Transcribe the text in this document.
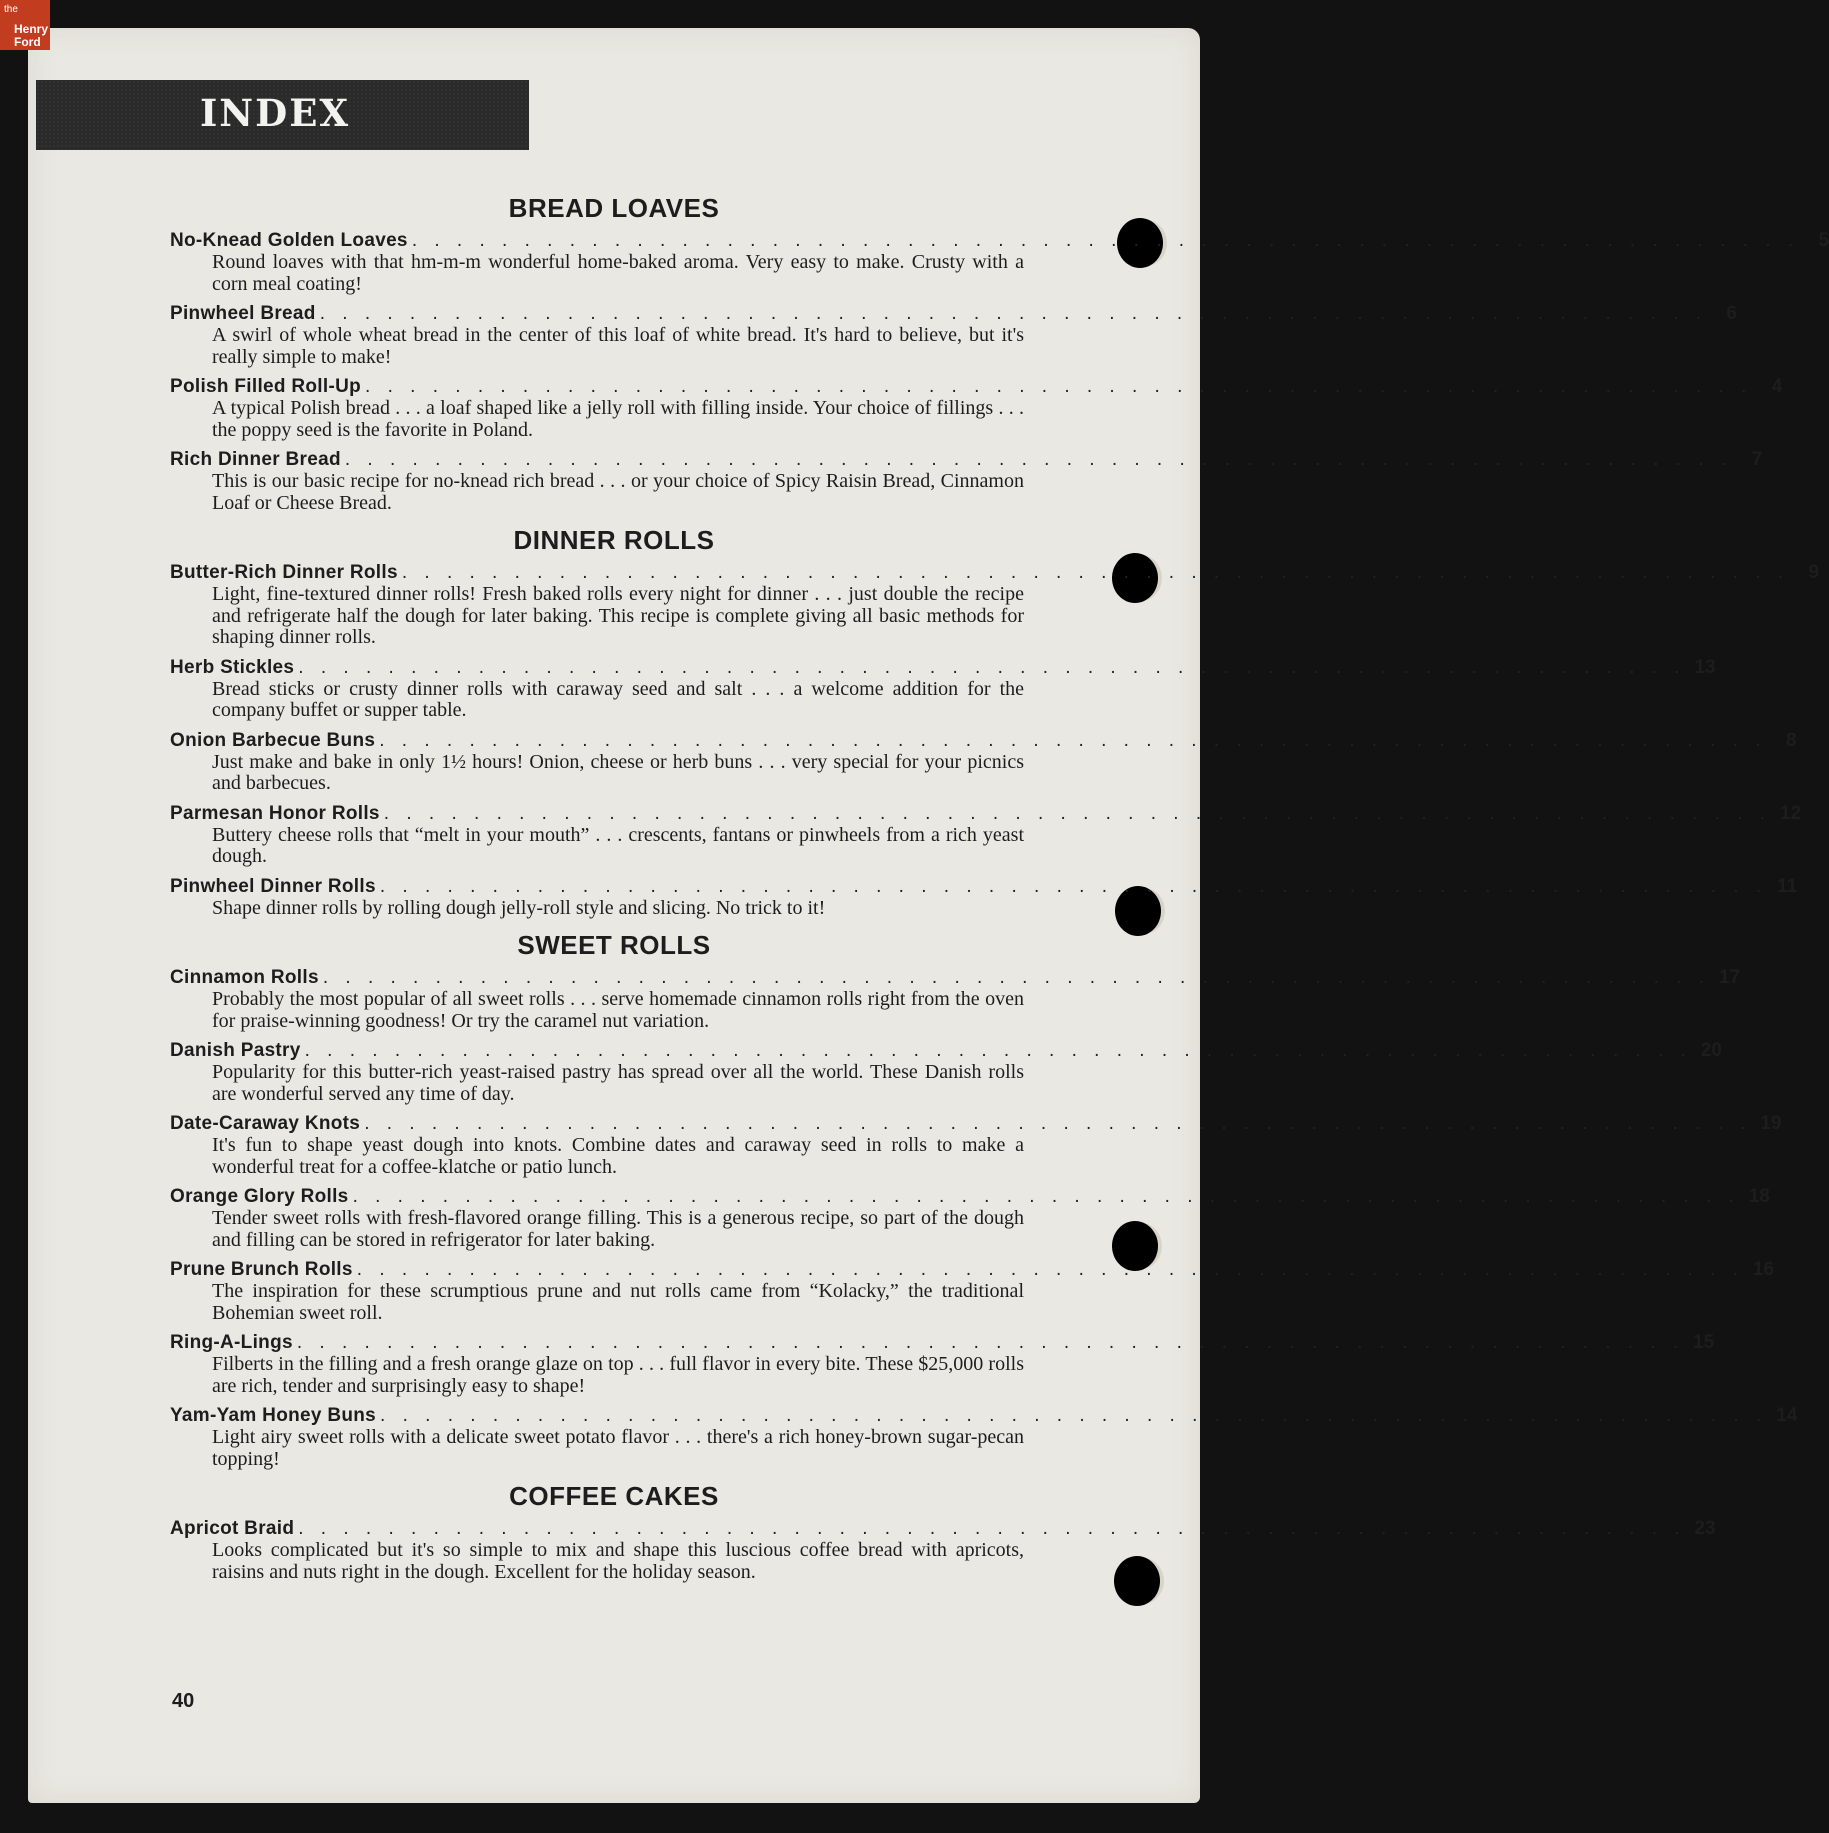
the
Henry
Ford
INDEX
BREAD LOAVES
No-Knead Golden Loaves . . . . . . . . . . . . . . . . . . . . . . . . . . . . . . . . . . . . . . . . . . . . . . . . . . . . . . . . . . . . . .	5
Round loaves with that hm-m-m wonderful home-baked aroma. Very easy to make. Crusty with a corn meal coating!
Pinwheel Bread . . . . . . . . . . . . . . . . . . . . . . . . . . . . . . . . . . . . . . . . . . . . . . . . . . . . . . . . . . . . . .	6
A swirl of whole wheat bread in the center of this loaf of white bread. It's hard to believe, but it's really simple to make!
Polish Filled Roll-Up . . . . . . . . . . . . . . . . . . . . . . . . . . . . . . . . . . . . . . . . . . . . . . . . . . . . . . . . . . . . . .	4
A typical Polish bread . . . a loaf shaped like a jelly roll with filling inside. Your choice of fillings . . . the poppy seed is the favorite in Poland.
Rich Dinner Bread . . . . . . . . . . . . . . . . . . . . . . . . . . . . . . . . . . . . . . . . . . . . . . . . . . . . . . . . . . . . . .	7
This is our basic recipe for no-knead rich bread . . . or your choice of Spicy Raisin Bread, Cinnamon Loaf or Cheese Bread.
DINNER ROLLS
Butter-Rich Dinner Rolls . . . . . . . . . . . . . . . . . . . . . . . . . . . . . . . . . . . . . . . . . . . . . . . . . . . . . . . . . . . . . .	9
Light, fine-textured dinner rolls! Fresh baked rolls every night for dinner . . . just double the recipe and refrigerate half the dough for later baking. This recipe is complete giving all basic methods for shaping dinner rolls.
Herb Stickles . . . . . . . . . . . . . . . . . . . . . . . . . . . . . . . . . . . . . . . . . . . . . . . . . . . . . . . . . . . . . . 13
Bread sticks or crusty dinner rolls with caraway seed and salt . . . a welcome addition for the company buffet or supper table.
Onion Barbecue Buns . . . . . . . . . . . . . . . . . . . . . . . . . . . . . . . . . . . . . . . . . . . . . . . . . . . . . . . . . . . . . .	8
Just make and bake in only 1½ hours! Onion, cheese or herb buns . . . very special for your picnics and barbecues.
Parmesan Honor Rolls . . . . . . . . . . . . . . . . . . . . . . . . . . . . . . . . . . . . . . . . . . . . . . . . . . . . . . . . . . . . . . 12
Buttery cheese rolls that “melt in your mouth” . . . crescents, fantans or pinwheels from a rich yeast dough.
Pinwheel Dinner Rolls . . . . . . . . . . . . . . . . . . . . . . . . . . . . . . . . . . . . . . . . . . . . . . . . . . . . . . . . . . . . . . 11
Shape dinner rolls by rolling dough jelly-roll style and slicing. No trick to it!
SWEET ROLLS
Cinnamon Rolls . . . . . . . . . . . . . . . . . . . . . . . . . . . . . . . . . . . . . . . . . . . . . . . . . . . . . . . . . . . . . . 17
Probably the most popular of all sweet rolls . . . serve homemade cinnamon rolls right from the oven for praise-winning goodness! Or try the caramel nut variation.
Danish Pastry . . . . . . . . . . . . . . . . . . . . . . . . . . . . . . . . . . . . . . . . . . . . . . . . . . . . . . . . . . . . . . 20
Popularity for this butter-rich yeast-raised pastry has spread over all the world. These Danish rolls are wonderful served any time of day.
Date-Caraway Knots . . . . . . . . . . . . . . . . . . . . . . . . . . . . . . . . . . . . . . . . . . . . . . . . . . . . . . . . . . . . . . 19
It's fun to shape yeast dough into knots. Combine dates and caraway seed in rolls to make a wonderful treat for a coffee-klatche or patio lunch.
Orange Glory Rolls . . . . . . . . . . . . . . . . . . . . . . . . . . . . . . . . . . . . . . . . . . . . . . . . . . . . . . . . . . . . . . 18
Tender sweet rolls with fresh-flavored orange filling. This is a generous recipe, so part of the dough and filling can be stored in refrigerator for later baking.
Prune Brunch Rolls . . . . . . . . . . . . . . . . . . . . . . . . . . . . . . . . . . . . . . . . . . . . . . . . . . . . . . . . . . . . . . 16
The inspiration for these scrumptious prune and nut rolls came from “Kolacky,” the traditional Bohemian sweet roll.
Ring-A-Lings . . . . . . . . . . . . . . . . . . . . . . . . . . . . . . . . . . . . . . . . . . . . . . . . . . . . . . . . . . . . . . 15
Filberts in the filling and a fresh orange glaze on top . . . full flavor in every bite. These $25,000 rolls are rich, tender and surprisingly easy to shape!
Yam-Yam Honey Buns . . . . . . . . . . . . . . . . . . . . . . . . . . . . . . . . . . . . . . . . . . . . . . . . . . . . . . . . . . . . . . 14
Light airy sweet rolls with a delicate sweet potato flavor . . . there's a rich honey-brown sugar-pecan topping!
COFFEE CAKES
Apricot Braid . . . . . . . . . . . . . . . . . . . . . . . . . . . . . . . . . . . . . . . . . . . . . . . . . . . . . . . . . . . . . . 23
Looks complicated but it's so simple to mix and shape this luscious coffee bread with apricots, raisins and nuts right in the dough. Excellent for the holiday season.
40
